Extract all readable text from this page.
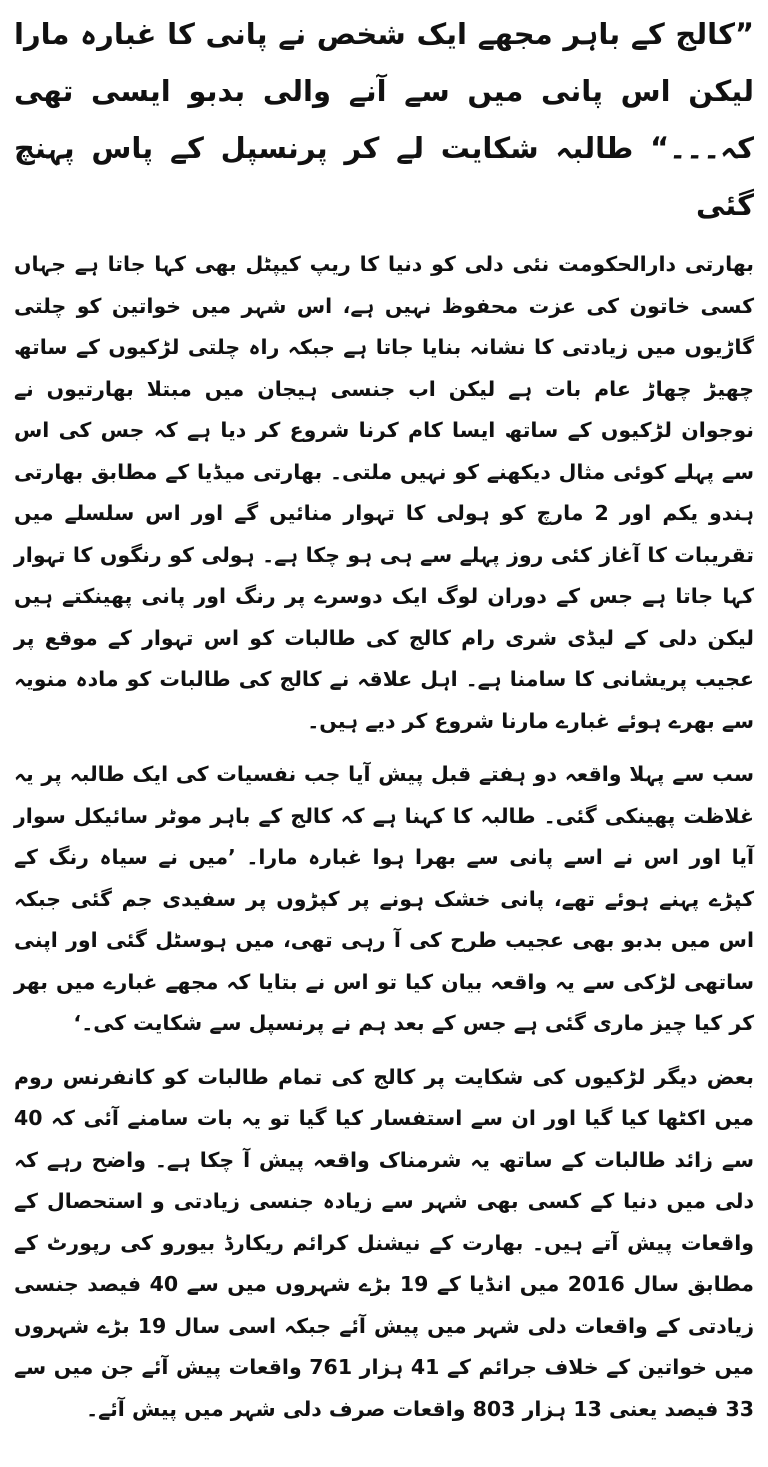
”کالج کے باہر مجھے ایک شخص نے پانی کا غبارہ مارا لیکن اس پانی میں سے آنے والی بدبو ایسی تھی کہ۔۔۔“ طالبہ شکایت لے کر پرنسپل کے پاس پہنچ گئی

بھارتی دارالحکومت نئی دلی کو دنیا کا ریپ کیپٹل بھی کہا جاتا ہے جہاں کسی خاتون کی عزت محفوظ نہیں ہے، اس شہر میں خواتین کو چلتی گاڑیوں میں زیادتی کا نشانہ بنایا جاتا ہے جبکہ راہ چلتی لڑکیوں کے ساتھ چھیڑ چھاڑ عام بات ہے لیکن اب جنسی ہیجان میں مبتلا بھارتیوں نے نوجوان لڑکیوں کے ساتھ ایسا کام کرنا شروع کر دیا ہے کہ جس کی اس سے پہلے کوئی مثال دیکھنے کو نہیں ملتی۔ بھارتی میڈیا کے مطابق بھارتی ہندو یکم اور 2 مارچ کو ہولی کا تہوار منائیں گے اور اس سلسلے میں تقریبات کا آغاز کئی روز پہلے سے ہی ہو چکا ہے۔ ہولی کو رنگوں کا تہوار کہا جاتا ہے جس کے دوران لوگ ایک دوسرے پر رنگ اور پانی پھینکتے ہیں لیکن دلی کے لیڈی شری رام کالج کی طالبات کو اس تہوار کے موقع پر عجیب پریشانی کا سامنا ہے۔ اہل علاقہ نے کالج کی طالبات کو مادہ منویہ سے بھرے ہوئے غبارے مارنا شروع کر دیے ہیں۔

سب سے پہلا واقعہ دو ہفتے قبل پیش آیا جب نفسیات کی ایک طالبہ پر یہ غلاظت پھینکی گئی۔ طالبہ کا کہنا ہے کہ کالج کے باہر موٹر سائیکل سوار آیا اور اس نے اسے پانی سے بھرا ہوا غبارہ مارا۔ ’میں نے سیاہ رنگ کے کپڑے پہنے ہوئے تھے، پانی خشک ہونے پر کپڑوں پر سفیدی جم گئی جبکہ اس میں بدبو بھی عجیب طرح کی آ رہی تھی، میں ہوسٹل گئی اور اپنی ساتھی لڑکی سے یہ واقعہ بیان کیا تو اس نے بتایا کہ مجھے غبارے میں بھر کر کیا چیز ماری گئی ہے جس کے بعد ہم نے پرنسپل سے شکایت کی۔‘

بعض دیگر لڑکیوں کی شکایت پر کالج کی تمام طالبات کو کانفرنس روم میں اکٹھا کیا گیا اور ان سے استفسار کیا گیا تو یہ بات سامنے آئی کہ 40 سے زائد طالبات کے ساتھ یہ شرمناک واقعہ پیش آ چکا ہے۔ واضح رہے کہ دلی میں دنیا کے کسی بھی شہر سے زیادہ جنسی زیادتی و استحصال کے واقعات پیش آتے ہیں۔ بھارت کے نیشنل کرائم ریکارڈ بیورو کی رپورٹ کے مطابق سال 2016 میں انڈیا کے 19 بڑے شہروں میں سے 40 فیصد جنسی زیادتی کے واقعات دلی شہر میں پیش آئے جبکہ اسی سال 19 بڑے شہروں میں خواتین کے خلاف جرائم کے 41 ہزار 761 واقعات پیش آئے جن میں سے 33 فیصد یعنی 13 ہزار 803 واقعات صرف دلی شہر میں پیش آئے۔
